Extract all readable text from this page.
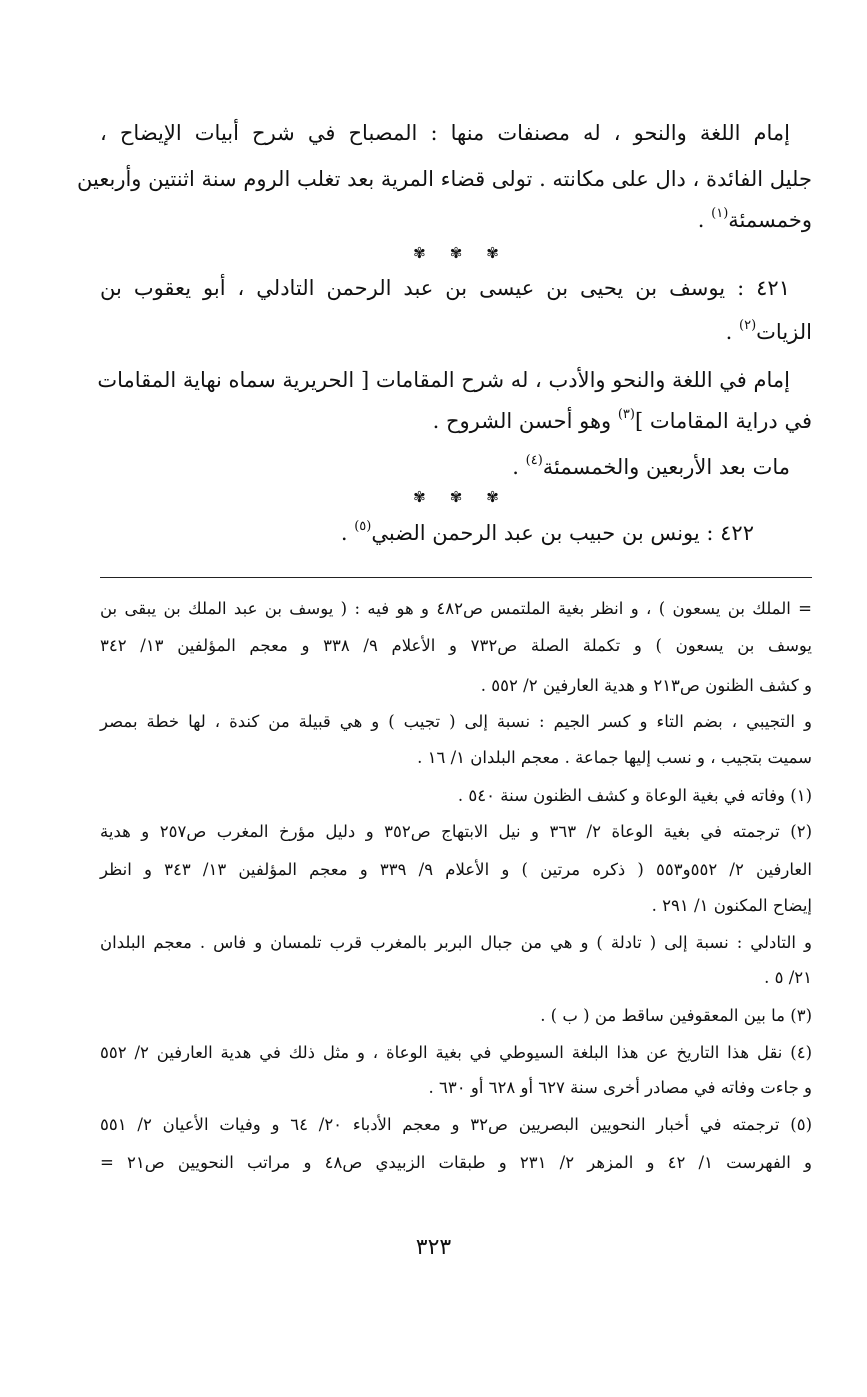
إمام اللغة والنحو ، له مصنفات منها : المصباح في شرح أبيات الإيضاح ،
جليل الفائدة ، دال على مكانته . تولى قضاء المرية بعد تغلب الروم سنة اثنتين وأربعين
وخمسمئة$^{(١)}$ .
✾ ✾ ✾
٤٢١ : يوسف بن يحيى بن عيسى بن عبد الرحمن التادلي ، أبو يعقوب بن
الزيات$^{(٢)}$ .
إمام في اللغة والنحو والأدب ، له شرح المقامات [ الحريرية سماه نهاية المقامات
في دراية المقامات ]$^{(٣)}$ وهو أحسن الشروح .
مات بعد الأربعين والخمسمئة$^{(٤)}$ .
✾ ✾ ✾
٤٢٢ : يونس بن حبيب بن عبد الرحمن الضبي$^{(٥)}$ .
= الملك بن يسعون ) ، و انظر بغية الملتمس ص٤٨٢ و هو فيه : ( يوسف بن عبد الملك بن يبقى بن
يوسف بن يسعون ) و تكملة الصلة ص٧٣٢ و الأعلام ٩/ ٣٣٨ و معجم المؤلفين ١٣/ ٣٤٢
و كشف الظنون ص٢١٣ و هدية العارفين ٢/ ٥٥٢ .
و التجيبي ، بضم التاء و كسر الجيم : نسبة إلى ( تجيب ) و هي قبيلة من كندة ، لها خطة بمصر
سميت بتجيب ، و نسب إليها جماعة . معجم البلدان ١/ ١٦ .
(١) وفاته في بغية الوعاة و كشف الظنون سنة ٥٤٠ .
(٢) ترجمته في بغية الوعاة ٢/ ٣٦٣ و نيل الابتهاج ص٣٥٢ و دليل مؤرخ المغرب ص٢٥٧ و هدية
العارفين ٢/ ٥٥٢و٥٥٣ ( ذكره مرتين ) و الأعلام ٩/ ٣٣٩ و معجم المؤلفين ١٣/ ٣٤٣ و انظر
إيضاح المكنون ١/ ٢٩١ .
و التادلي : نسبة إلى ( تادلة ) و هي من جبال البربر بالمغرب قرب تلمسان و فاس . معجم البلدان
٢١/ ٥ .
(٣) ما بين المعقوفين ساقط من ( ب ) .
(٤) نقل هذا التاريخ عن هذا البلغة السيوطي في بغية الوعاة ، و مثل ذلك في هدية العارفين ٢/ ٥٥٢
و جاءت وفاته في مصادر أخرى سنة ٦٢٧ أو ٦٢٨ أو ٦٣٠ .
(٥) ترجمته في أخبار النحويين البصريين ص٣٢ و معجم الأدباء ٢٠/ ٦٤ و وفيات الأعيان ٢/ ٥٥١
و الفهرست ١/ ٤٢ و المزهر ٢/ ٢٣١ و طبقات الزبيدي ص٤٨ و مراتب النحويين ص٢١ =
٣٢٣
